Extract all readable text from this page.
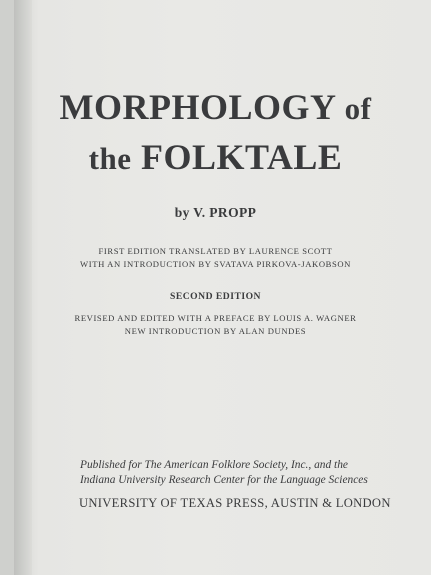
MORPHOLOGY of
the FOLKTALE
by V. PROPP
FIRST EDITION TRANSLATED BY LAURENCE SCOTT
WITH AN INTRODUCTION BY SVATAVA PIRKOVA-JAKOBSON
SECOND EDITION
REVISED AND EDITED WITH A PREFACE BY LOUIS A. WAGNER
NEW INTRODUCTION BY ALAN DUNDES
Published for The American Folklore Society, Inc., and the
Indiana University Research Center for the Language Sciences
UNIVERSITY OF TEXAS PRESS, AUSTIN & LONDON
